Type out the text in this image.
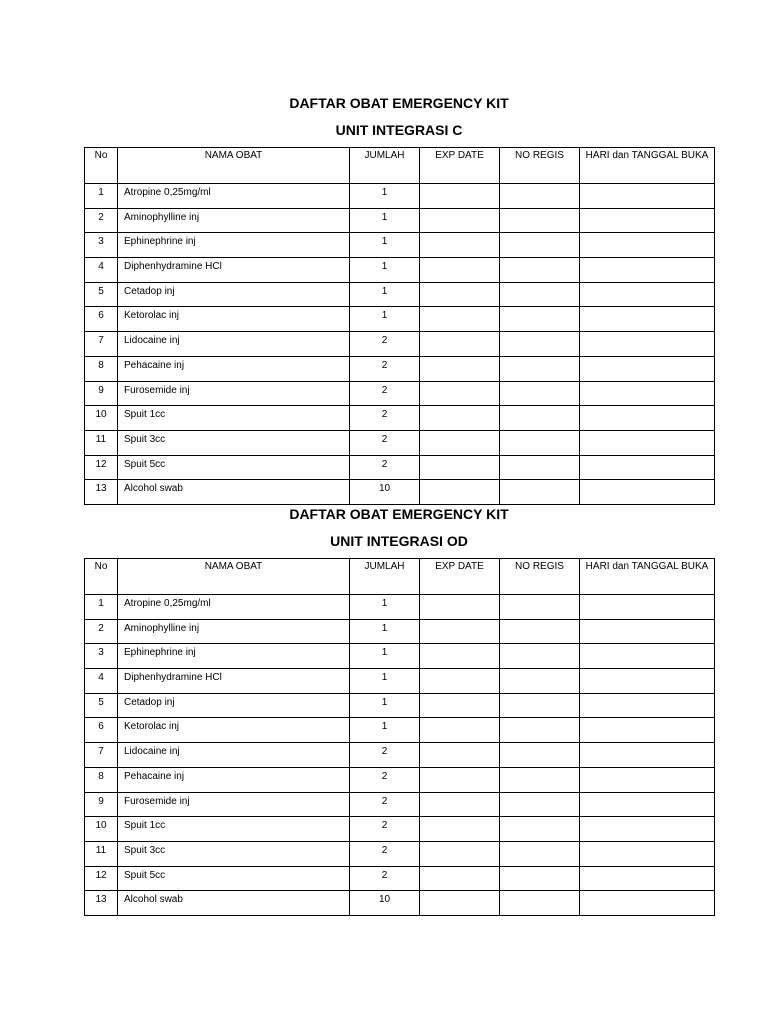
DAFTAR OBAT EMERGENCY KIT
UNIT INTEGRASI C
No	NAMA OBAT	JUMLAH	EXP DATE	NO REGIS	HARI dan TANGGAL BUKA
1	Atropine 0,25mg/ml	1			
2	Aminophylline inj	1			
3	Ephinephrine inj	1			
4	Diphenhydramine HCl	1			
5	Cetadop inj	1			
6	Ketorolac inj	1			
7	Lidocaine inj	2			
8	Pehacaine inj	2			
9	Furosemide inj	2			
10	Spuit 1cc	2			
11	Spuit 3cc	2			
12	Spuit 5cc	2			
13	Alcohol swab	10			
DAFTAR OBAT EMERGENCY KIT
UNIT INTEGRASI OD
No	NAMA OBAT	JUMLAH	EXP DATE	NO REGIS	HARI dan TANGGAL BUKA
1	Atropine 0,25mg/ml	1			
2	Aminophylline inj	1			
3	Ephinephrine inj	1			
4	Diphenhydramine HCl	1			
5	Cetadop inj	1			
6	Ketorolac inj	1			
7	Lidocaine inj	2			
8	Pehacaine inj	2			
9	Furosemide inj	2			
10	Spuit 1cc	2			
11	Spuit 3cc	2			
12	Spuit 5cc	2			
13	Alcohol swab	10			
